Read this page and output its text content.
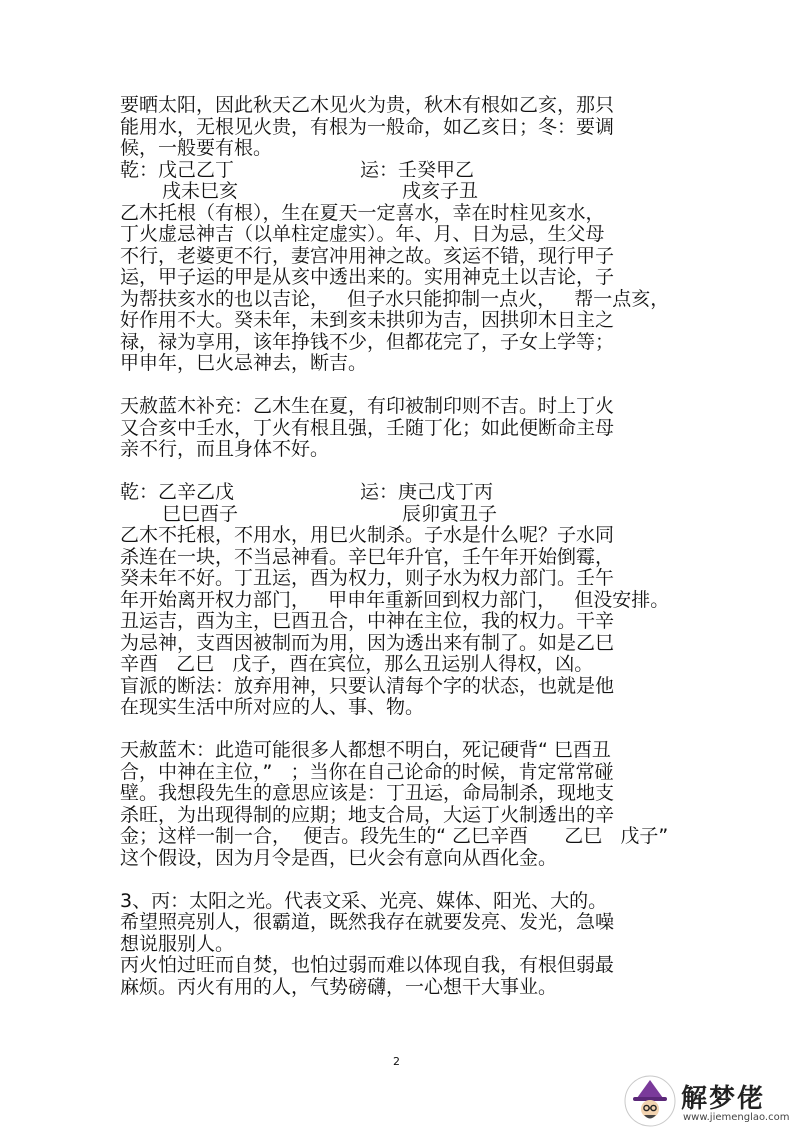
要晒太阳，因此秋天乙木见火为贵，秋木有根如乙亥，那只
能用水，无根见火贵，有根为一般命，如乙亥日；冬：要调
候，一般要有根。
乾：戊己乙丁	运：壬癸甲乙
戌未巳亥	戌亥子丑
乙木托根（有根），生在夏天一定喜水，幸在时柱见亥水，
丁火虚忌神吉（以单柱定虚实）。年、月、日为忌，生父母
不行，老婆更不行，妻宫冲用神之故。亥运不错，现行甲子
运，甲子运的甲是从亥中透出来的。实用神克土以吉论，子
为帮扶亥水的也以吉论，   但子水只能抑制一点火，   帮一点亥，
好作用不大。癸未年，未到亥未拱卯为吉，因拱卯木日主之
禄，禄为享用，该年挣钱不少，但都花完了，子女上学等；
甲申年，巳火忌神去，断吉。
天赦蓝木补充：乙木生在夏，有印被制印则不吉。时上丁火
又合亥中壬水，丁火有根且强，壬随丁化；如此便断命主母
亲不行，而且身体不好。
乾：乙辛乙戊	运：庚己戊丁丙
巳巳酉子	辰卯寅丑子
乙木不托根，不用水，用巳火制杀。子水是什么呢？子水同
杀连在一块，不当忌神看。辛巳年升官，壬午年开始倒霉，
癸未年不好。丁丑运，酉为权力，则子水为权力部门。壬午
年开始离开权力部门，   甲申年重新回到权力部门，   但没安排。
丑运吉，酉为主，巳酉丑合，中神在主位，我的权力。干辛
为忌神，支酉因被制而为用，因为透出来有制了。如是乙巳
辛酉   乙巳   戊子，酉在宾位，那么丑运别人得权，凶。
盲派的断法：放弃用神，只要认清每个字的状态，也就是他
在现实生活中所对应的人、事、物。
天赦蓝木：此造可能很多人都想不明白，死记硬背“ 巳酉丑
合，中神在主位，”   ；当你在自己论命的时候，肯定常常碰
壁。我想段先生的意思应该是：丁丑运，命局制杀，现地支
杀旺，为出现得制的应期；地支合局，大运丁火制透出的辛
金；这样一制一合，  便吉。段先生的“ 乙巳辛酉      乙巳   戊子”
这个假设，因为月令是酉，巳火会有意向从酉化金。
3、丙：太阳之光。代表文采、光亮、媒体、阳光、大的。
希望照亮别人，很霸道，既然我存在就要发亮、发光，急噪
想说服别人。
丙火怕过旺而自焚，也怕过弱而难以体现自我，有根但弱最
麻烦。丙火有用的人，气势磅礴，一心想干大事业。
2
解梦佬
www.jiemenglao.com
